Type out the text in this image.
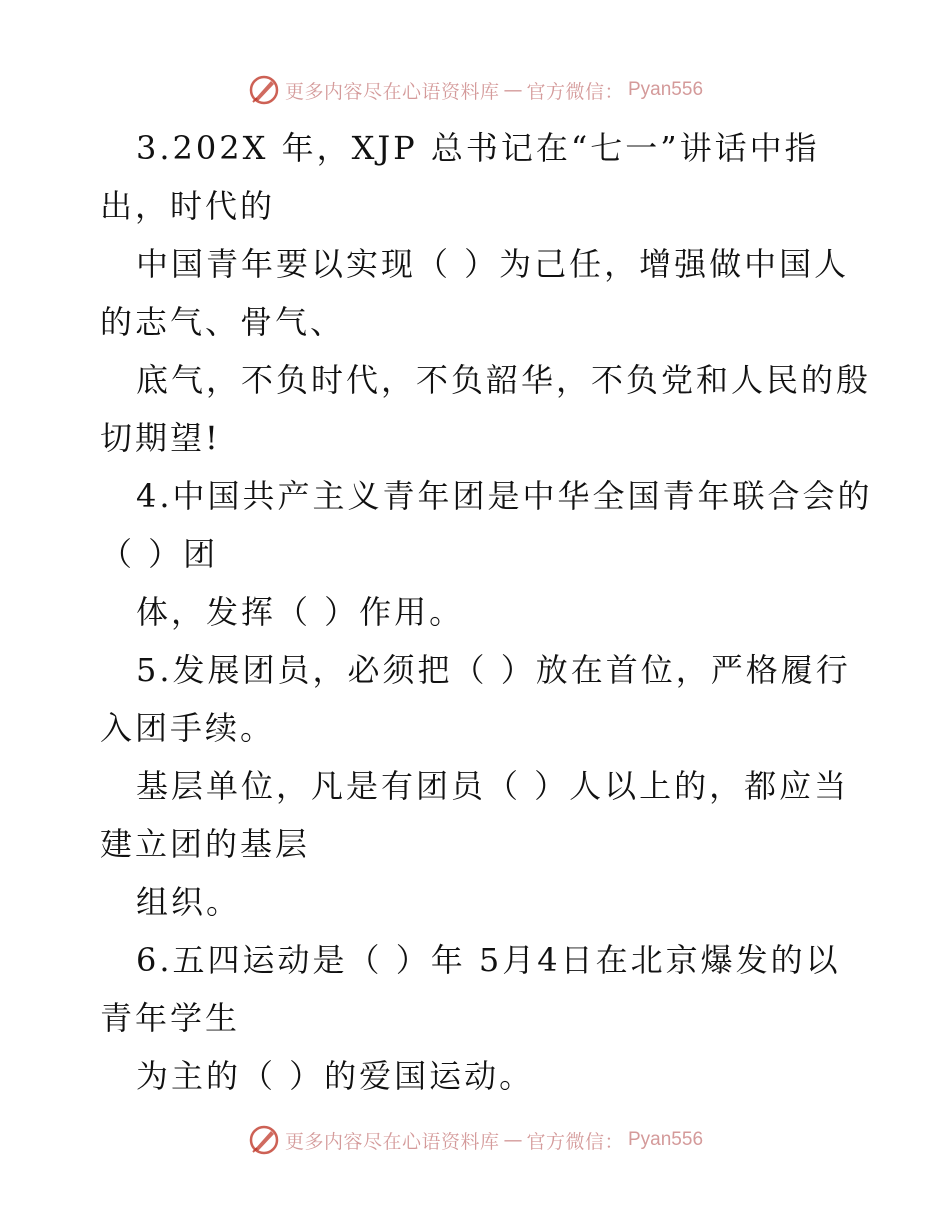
更多内容尽在心语资料库 — 官方微信： Pyan556
3.202X 年，XJP 总书记在“七一”讲话中指
出，时代的
中国青年要以实现（ ）为己任，增强做中国人
的志气、骨气、
底气，不负时代，不负韶华，不负党和人民的殷
切期望!
4.中国共产主义青年团是中华全国青年联合会的
（ ）团
体，发挥（ ）作用。
5.发展团员，必须把（ ）放在首位，严格履行
入团手续。
基层单位，凡是有团员（ ）人以上的，都应当
建立团的基层
组织。
6.五四运动是（ ）年 5月4日在北京爆发的以
青年学生
为主的（ ）的爱国运动。
更多内容尽在心语资料库 — 官方微信： Pyan556
